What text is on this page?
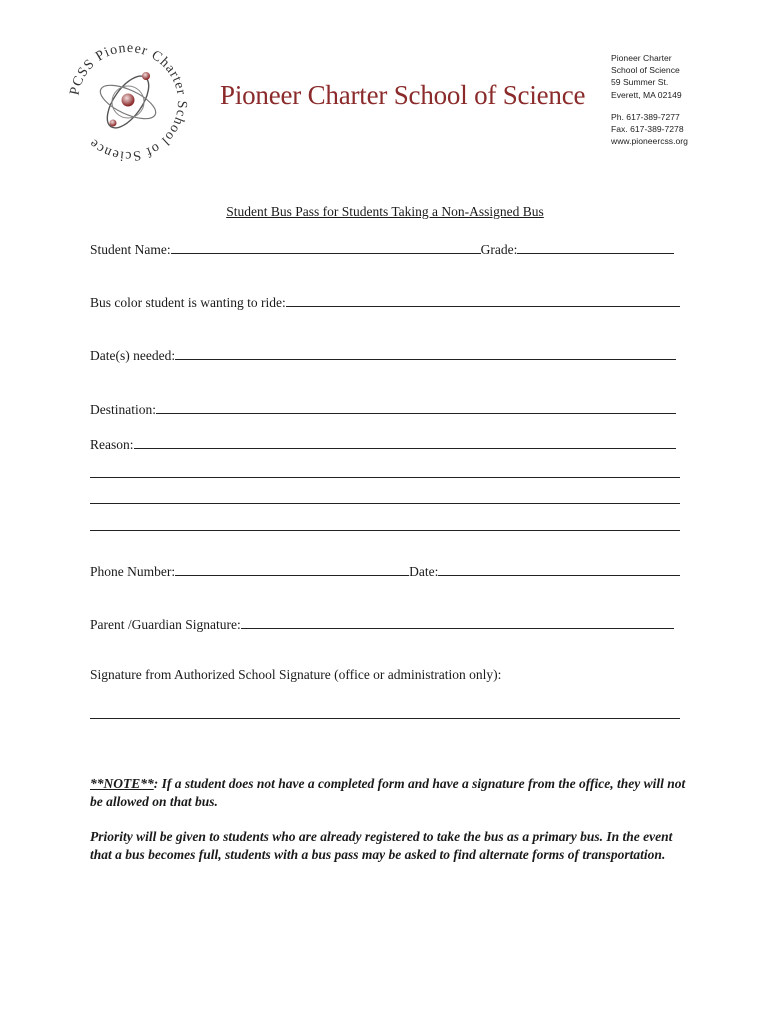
PCSS Pioneer Charter School of Science
Pioneer Charter School of Science
Pioneer Charter
School of Science
59 Summer St.
Everett, MA 02149
Ph. 617-389-7277
Fax. 617-389-7278
www.pioneercss.org
Student Bus Pass for Students Taking a Non-Assigned Bus
Student Name:	Grade:
Bus color student is wanting to ride:
Date(s) needed:
Destination:
Reason:
Phone Number:	Date:
Parent /Guardian Signature:
Signature from Authorized School Signature (office or administration only):
**NOTE**: If a student does not have a completed form and have a signature from the office, they will not be allowed on that bus.
Priority will be given to students who are already registered to take the bus as a primary bus. In the event that a bus becomes full, students with a bus pass may be asked to find alternate forms of transportation.
